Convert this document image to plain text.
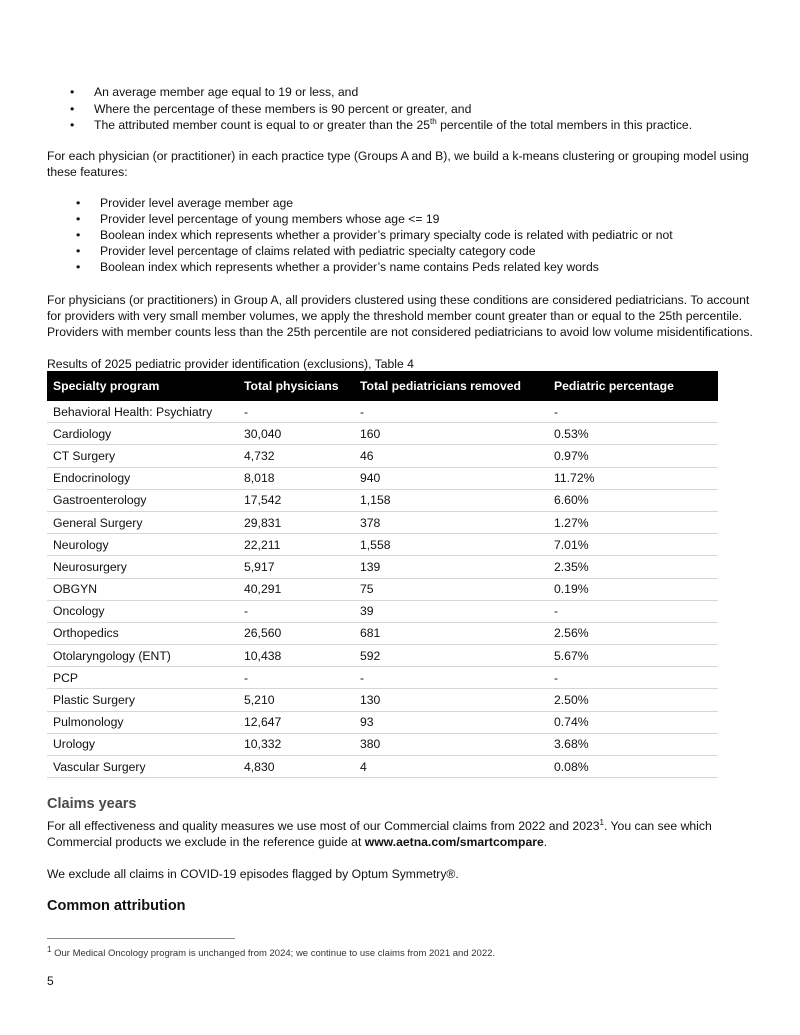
• An average member age equal to 19 or less, and
• Where the percentage of these members is 90 percent or greater, and
• The attributed member count is equal to or greater than the 25th percentile of the total members in this practice.

For each physician (or practitioner) in each practice type (Groups A and B), we build a k-means clustering or grouping model using these features:

• Provider level average member age
• Provider level percentage of young members whose age <= 19
• Boolean index which represents whether a provider’s primary specialty code is related with pediatric or not
• Provider level percentage of claims related with pediatric specialty category code
• Boolean index which represents whether a provider’s name contains Peds related key words

For physicians (or practitioners) in Group A, all providers clustered using these conditions are considered pediatricians. To account for providers with very small member volumes, we apply the threshold member count greater than or equal to the 25th percentile. Providers with member counts less than the 25th percentile are not considered pediatricians to avoid low volume misidentifications.

Results of 2025 pediatric provider identification (exclusions), Table 4

Specialty program	Total physicians	Total pediatricians removed	Pediatric percentage
Behavioral Health: Psychiatry	-	-	-
Cardiology	30,040	160	0.53%
CT Surgery	4,732	46	0.97%
Endocrinology	8,018	940	11.72%
Gastroenterology	17,542	1,158	6.60%
General Surgery	29,831	378	1.27%
Neurology	22,211	1,558	7.01%
Neurosurgery	5,917	139	2.35%
OBGYN	40,291	75	0.19%
Oncology	-	39	-
Orthopedics	26,560	681	2.56%
Otolaryngology (ENT)	10,438	592	5.67%
PCP	-	-	-
Plastic Surgery	5,210	130	2.50%
Pulmonology	12,647	93	0.74%
Urology	10,332	380	3.68%
Vascular Surgery	4,830	4	0.08%
Claims years

For all effectiveness and quality measures we use most of our Commercial claims from 2022 and 2023$^1$. You can see which Commercial products we exclude in the reference guide at www.aetna.com/smartcompare.

We exclude all claims in COVID-19 episodes flagged by Optum Symmetry®.

Common attribution

$^1$ Our Medical Oncology program is unchanged from 2024; we continue to use claims from 2021 and 2022.

5
